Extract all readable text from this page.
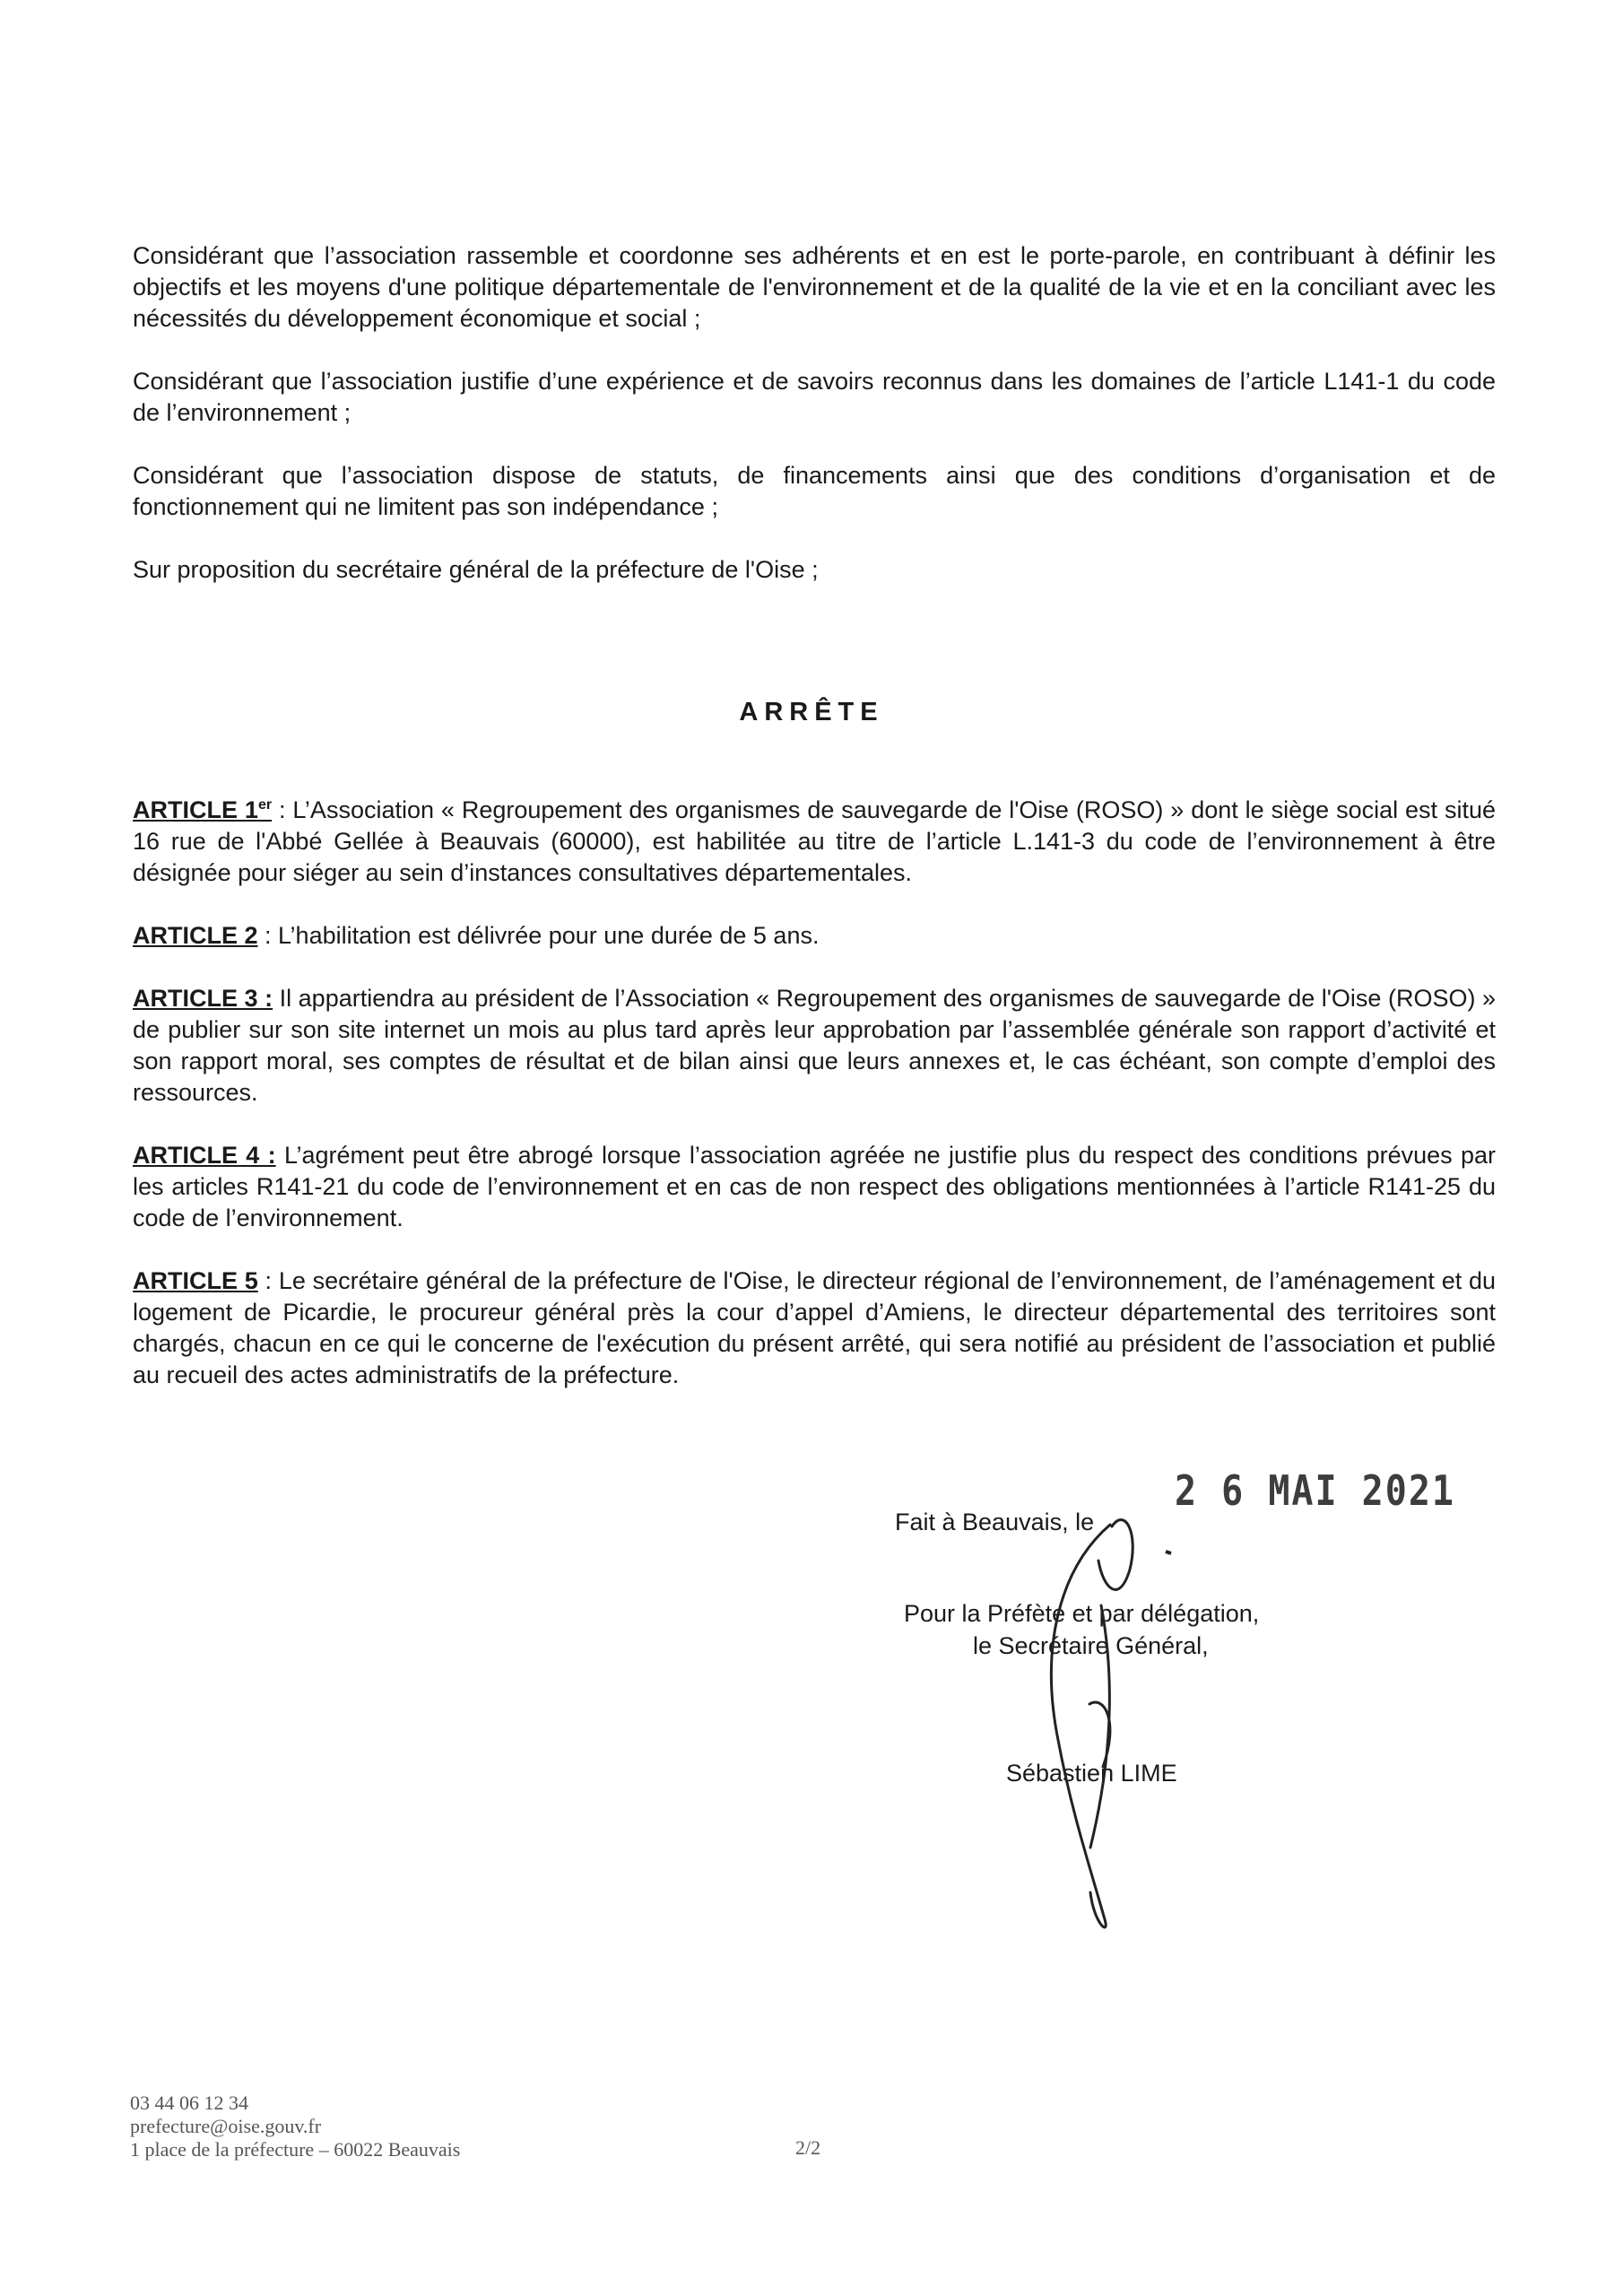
Considérant que l’association rassemble et coordonne ses adhérents et en est le porte-parole, en contribuant à définir les objectifs et les moyens d'une politique départementale de l'environnement et de la qualité de la vie et en la conciliant avec les nécessités du développement économique et social ;

Considérant que l’association justifie d’une expérience et de savoirs reconnus dans les domaines de l’article L141-1 du code de l’environnement ;

Considérant que l’association dispose de statuts, de financements ainsi que des conditions d’organisation et de fonctionnement qui ne limitent pas son indépendance ;

Sur proposition du secrétaire général de la préfecture de l'Oise ;

ARRÊTE

ARTICLE 1er : L’Association « Regroupement des organismes de sauvegarde de l'Oise (ROSO) » dont le siège social est situé 16 rue de l'Abbé Gellée à Beauvais (60000), est habilitée au titre de l’article L.141-3 du code de l’environnement à être désignée pour siéger au sein d’instances consultatives départementales.

ARTICLE 2 : L’habilitation est délivrée pour une durée de 5 ans.

ARTICLE 3 : Il appartiendra au président de l’Association « Regroupement des organismes de sauvegarde de l'Oise (ROSO) » de publier sur son site internet un mois au plus tard après leur approbation par l’assemblée générale son rapport d’activité et son rapport moral, ses comptes de résultat et de bilan ainsi que leurs annexes et, le cas échéant, son compte d’emploi des ressources.

ARTICLE 4 : L’agrément peut être abrogé lorsque l’association agréée ne justifie plus du respect des conditions prévues par les articles R141-21 du code de l’environnement et en cas de non respect des obligations mentionnées à l’article R141-25 du code de l’environnement.

ARTICLE 5 : Le secrétaire général de la préfecture de l'Oise, le directeur régional de l’environnement, de l’aménagement et du logement de Picardie, le procureur général près la cour d’appel d’Amiens, le directeur départemental des territoires sont chargés, chacun en ce qui le concerne de l'exécution du présent arrêté, qui sera notifié au président de l’association et publié au recueil des actes administratifs de la préfecture.

Fait à Beauvais, le
2 6 MAI 2021
Pour la Préfète et par délégation,
le Secrétaire Général,
Sébastien LIME
03 44 06 12 34
prefecture@oise.gouv.fr
1 place de la préfecture – 60022 Beauvais	2/2
